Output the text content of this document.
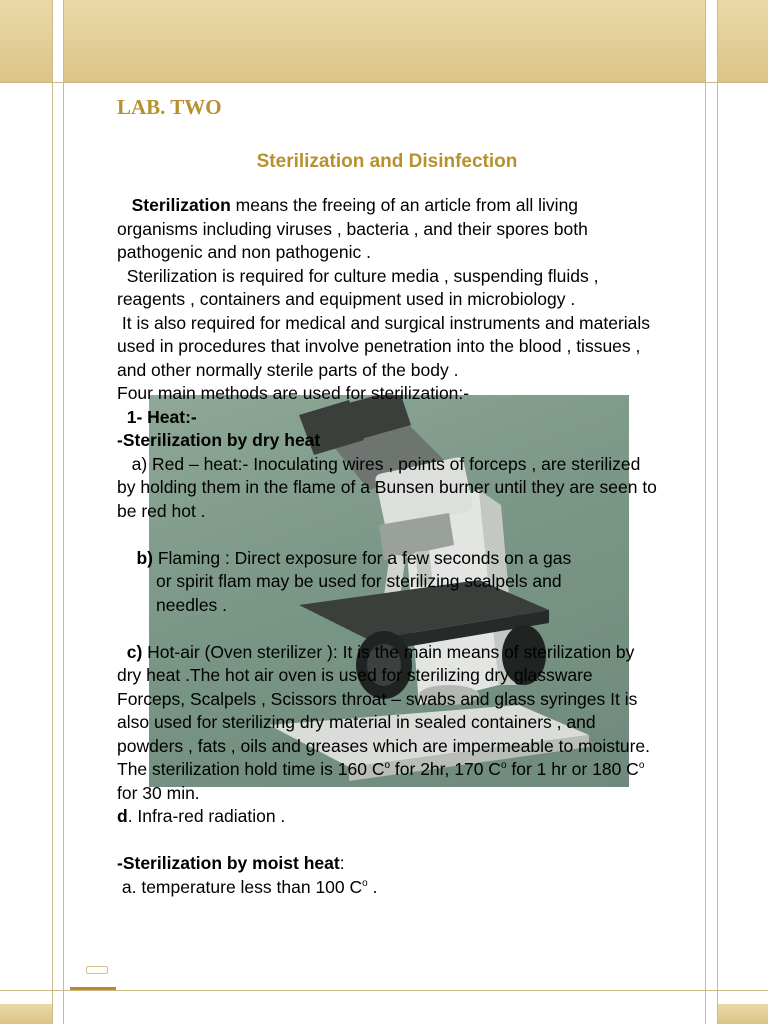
LAB. TWO
Sterilization and Disinfection

Sterilization means the freeing of an article from all living organisms including viruses , bacteria , and their spores both pathogenic and non pathogenic .

Sterilization is required for culture media , suspending fluids , reagents , containers and equipment used in microbiology .

It is also required for medical and surgical instruments and materials used in procedures that involve penetration into the blood , tissues , and other normally sterile parts of the body .

Four main methods are used for sterilization:-

1- Heat:-

-Sterilization by dry heat

a) Red – heat:- Inoculating wires , points of forceps , are sterilized by holding them in the flame of a Bunsen burner until they are seen to be red hot .

b) Flaming : Direct exposure for a few seconds on a gas

or spirit flam may be used for sterilizing scalpels and

needles .

c) Hot-air (Oven sterilizer ): It is the main means of sterilization by dry heat .The hot air oven is used for sterilizing dry glassware Forceps, Scalpels , Scissors throat – swabs and glass syringes It is also used for sterilizing dry material in sealed containers , and powders , fats , oils and greases which are impermeable to moisture. The sterilization hold time is 160 $C^o$ for 2hr, 170 $C^o$ for 1 hr or 180 $C^o$ for 30 min.

d. Infra-red radiation .

-Sterilization by moist heat:

a. temperature less than 100 $C^o$ .
